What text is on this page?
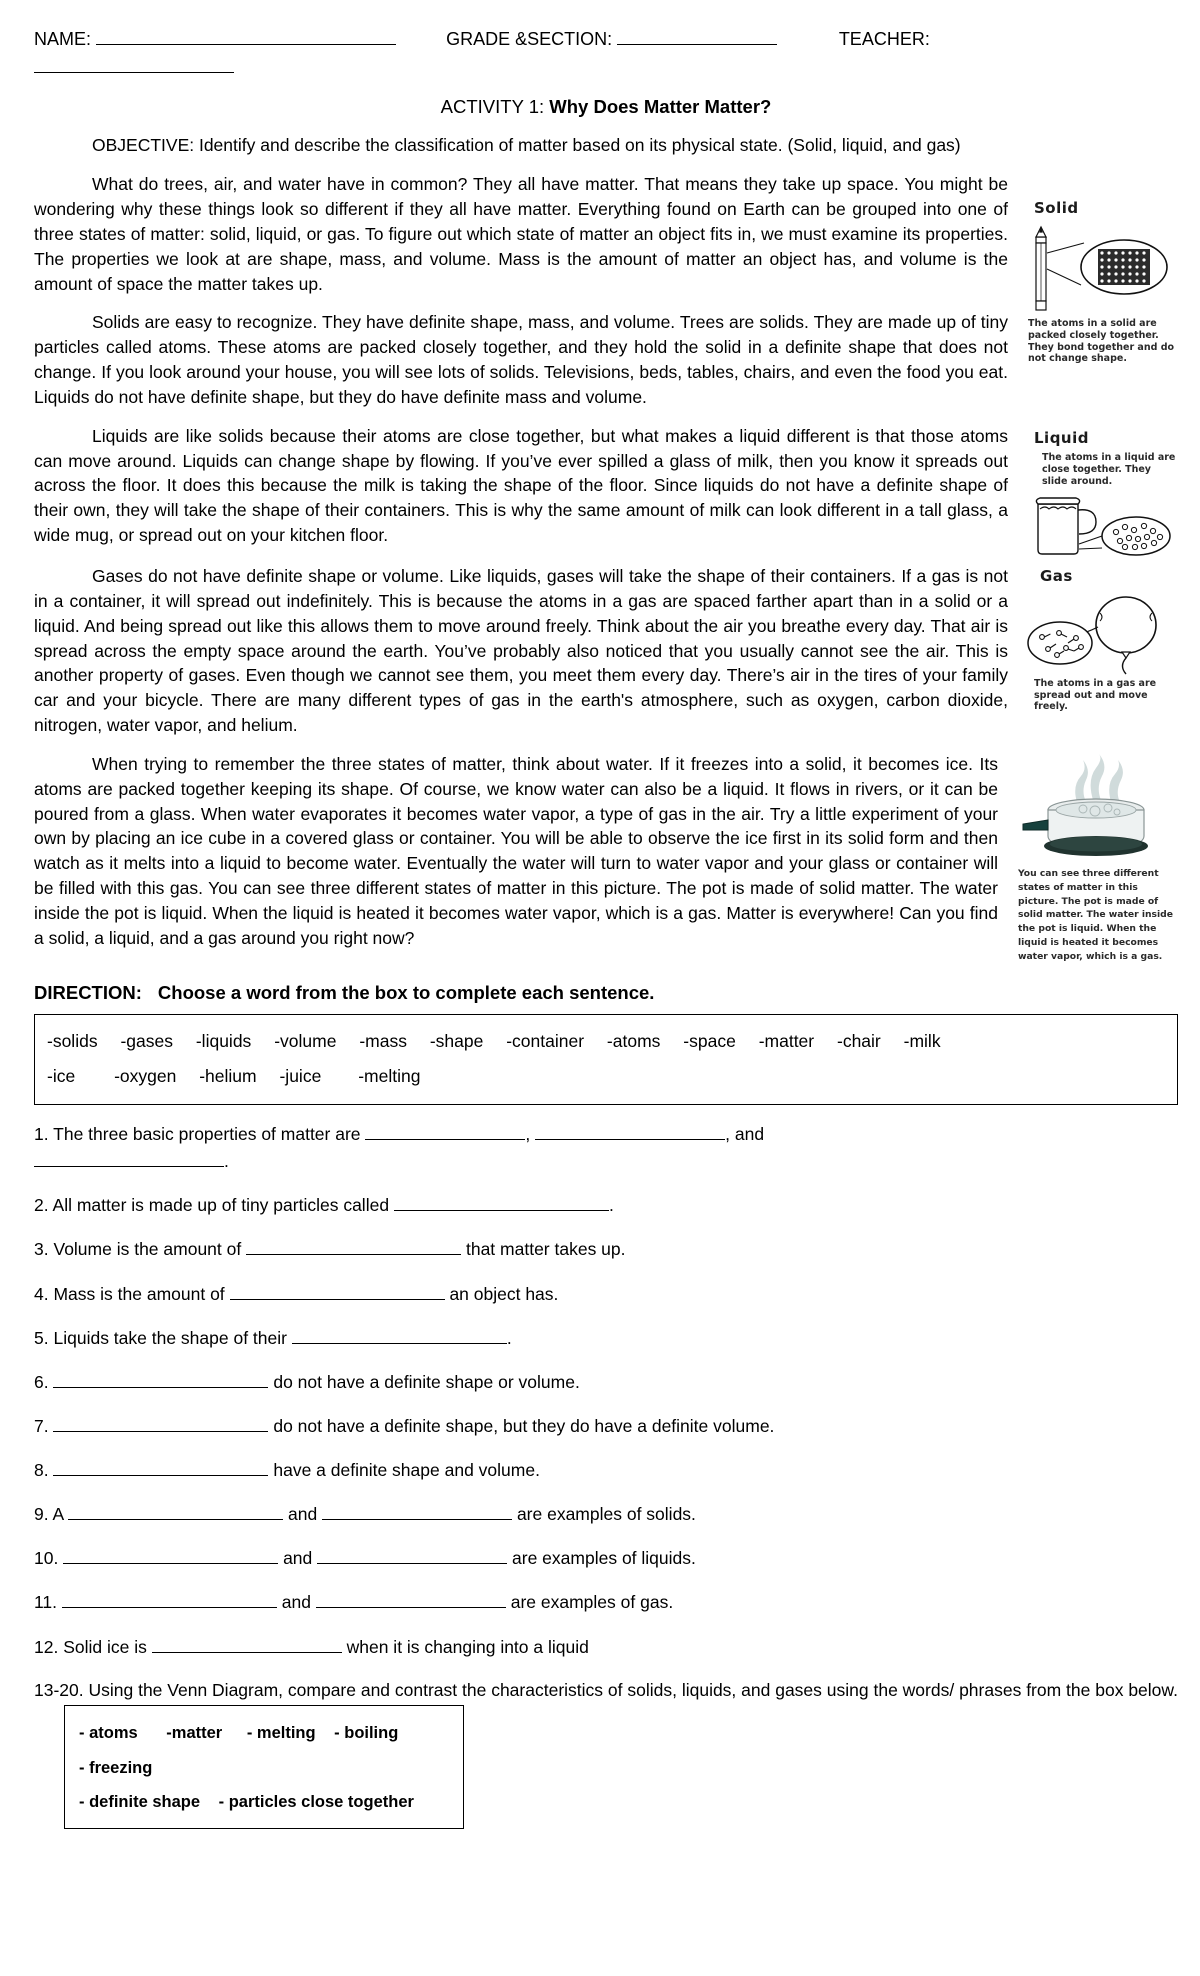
NAME:	GRADE &SECTION:	TEACHER:

ACTIVITY 1: Why Does Matter Matter?

OBJECTIVE: Identify and describe the classification of matter based on its physical state. (Solid, liquid, and gas)

Solid
The atoms in a solid are packed closely together. They bond together and do not change shape.

What do trees, air, and water have in common? They all have matter. That means they take up space. You might be wondering why these things look so different if they all have matter. Everything found on Earth can be grouped into one of three states of matter: solid, liquid, or gas. To figure out which state of matter an object fits in, we must examine its properties. The properties we look at are shape, mass, and volume. Mass is the amount of matter an object has, and volume is the amount of space the matter takes up.

Solids are easy to recognize. They have definite shape, mass, and volume. Trees are solids. They are made up of tiny particles called atoms. These atoms are packed closely together, and they hold the solid in a definite shape that does not change. If you look around your house, you will see lots of solids. Televisions, beds, tables, chairs, and even the food you eat. Liquids do not have definite shape, but they do have definite mass and volume.

Liquid
The atoms in a liquid are close together. They slide around.

Liquids are like solids because their atoms are close together, but what makes a liquid different is that those atoms can move around. Liquids can change shape by flowing. If you’ve ever spilled a glass of milk, then you know it spreads out across the floor. It does this because the milk is taking the shape of the floor. Since liquids do not have a definite shape of their own, they will take the shape of their containers. This is why the same amount of milk can look different in a tall glass, a wide mug, or spread out on your kitchen floor.

Gas
The atoms in a gas are spread out and move freely.

Gases do not have definite shape or volume. Like liquids, gases will take the shape of their containers. If a gas is not in a container, it will spread out indefinitely. This is because the atoms in a gas are spaced farther apart than in a solid or a liquid. And being spread out like this allows them to move around freely. Think about the air you breathe every day. That air is spread across the empty space around the earth. You’ve probably also noticed that you usually cannot see the air. This is another property of gases. Even though we cannot see them, you meet them every day. There’s air in the tires of your family car and your bicycle. There are many different types of gas in the earth's atmosphere, such as oxygen, carbon dioxide, nitrogen, water vapor, and helium.

You can see three different states of matter in this picture. The pot is made of solid matter. The water inside the pot is liquid. When the liquid is heated it becomes water vapor, which is a gas.

When trying to remember the three states of matter, think about water. If it freezes into a solid, it becomes ice. Its atoms are packed together keeping its shape. Of course, we know water can also be a liquid. It flows in rivers, or it can be poured from a glass. When water evaporates it becomes water vapor, a type of gas in the air. Try a little experiment of your own by placing an ice cube in a covered glass or container. You will be able to observe the ice first in its solid form and then watch as it melts into a liquid to become water. Eventually the water will turn to water vapor and your glass or container will be filled with this gas. You can see three different states of matter in this picture. The pot is made of solid matter. The water inside the pot is liquid. When the liquid is heated it becomes water vapor, which is a gas. Matter is everywhere! Can you find a solid, a liquid, and a gas around you right now?

DIRECTION: Choose a word from the box to complete each sentence.
-solids -gases -liquids -volume -mass -shape -container -atoms -space -matter -chair -milk
-ice -oxygen -helium -juice -melting
1. The three basic properties of matter are	,	, and
.
2. All matter is made up of tiny particles called	.
3. Volume is the amount of	that matter takes up.
4. Mass is the amount of	an object has.
5. Liquids take the shape of their	.
6.	do not have a definite shape or volume.
7.	do not have a definite shape, but they do have a definite volume.
8.	have a definite shape and volume.
9. A	and	are examples of solids.
10.	and	are examples of liquids.
11.	and	are examples of gas.
12. Solid ice is	when it is changing into a liquid
13-20. Using the Venn Diagram, compare and contrast the characteristics of solids, liquids, and gases using the words/ phrases from the box below.
- atoms -matter - melting - boiling - freezing
- definite shape - particles close together
